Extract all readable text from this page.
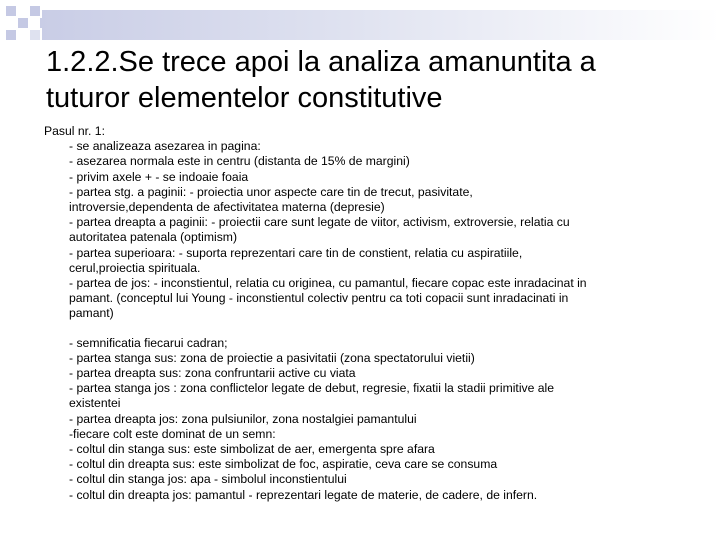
1.2.2.Se trece apoi la analiza amanuntita a
tuturor elementelor constitutive
Pasul nr. 1:
- se analizeaza asezarea in pagina:
- asezarea normala este in centru (distanta de 15% de margini)
- privim axele + - se indoaie foaia
- partea stg. a paginii: - proiectia unor aspecte care tin de trecut, pasivitate,
introversie,dependenta de afectivitatea materna (depresie)
- partea dreapta a paginii: - proiectii care sunt legate de viitor, activism, extroversie, relatia cu
autoritatea patenala (optimism)
- partea superioara: - suporta reprezentari care tin de constient, relatia cu aspiratiile,
cerul,proiectia spirituala.
- partea de jos: - inconstientul, relatia cu originea, cu pamantul, fiecare copac este inradacinat in
pamant. (conceptul lui Young - inconstientul colectiv pentru ca toti copacii sunt inradacinati in
pamant)
- semnificatia fiecarui cadran;
- partea stanga sus: zona de proiectie a pasivitatii (zona spectatorului vietii)
- partea dreapta sus: zona confruntarii active cu viata
- partea stanga jos : zona conflictelor legate de debut, regresie, fixatii la stadii primitive ale
existentei
- partea dreapta jos: zona pulsiunilor, zona nostalgiei pamantului
-fiecare colt este dominat de un semn:
- coltul din stanga sus: este simbolizat de aer, emergenta spre afara
- coltul din dreapta sus: este simbolizat de foc, aspiratie, ceva care se consuma
- coltul din stanga jos: apa - simbolul inconstientului
- coltul din dreapta jos: pamantul - reprezentari legate de materie, de cadere, de infern.
